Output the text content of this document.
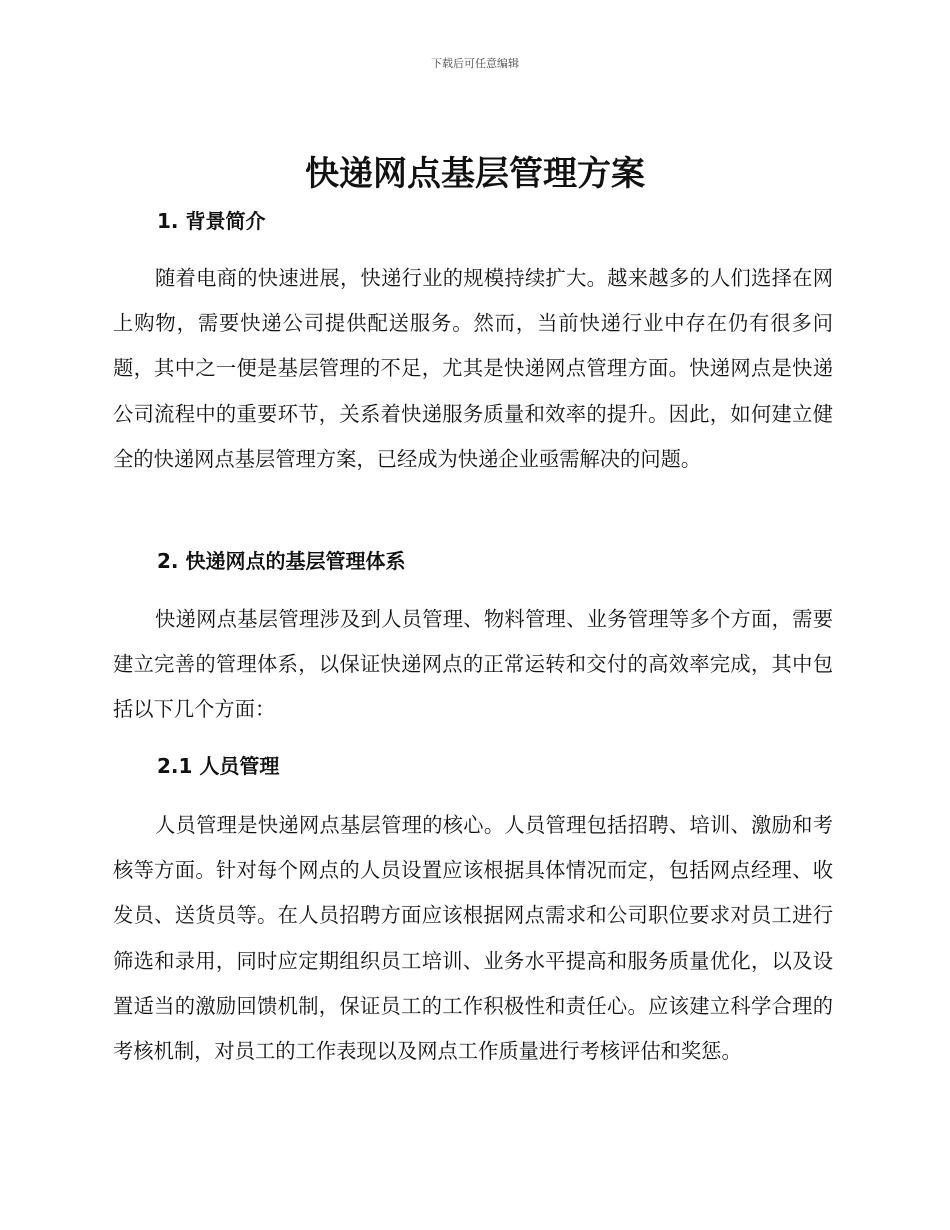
下载后可任意编辑

快递网点基层管理方案
1. 背景简介

随着电商的快速进展，快递行业的规模持续扩大。越来越多的人们选择在网上购物，需要快递公司提供配送服务。然而，当前快递行业中存在仍有很多问题，其中之一便是基层管理的不足，尤其是快递网点管理方面。快递网点是快递公司流程中的重要环节，关系着快递服务质量和效率的提升。因此，如何建立健全的快递网点基层管理方案，已经成为快递企业亟需解决的问题。

2. 快递网点的基层管理体系

快递网点基层管理涉及到人员管理、物料管理、业务管理等多个方面，需要建立完善的管理体系，以保证快递网点的正常运转和交付的高效率完成，其中包括以下几个方面：

2.1 人员管理

人员管理是快递网点基层管理的核心。人员管理包括招聘、培训、激励和考核等方面。针对每个网点的人员设置应该根据具体情况而定，包括网点经理、收发员、送货员等。在人员招聘方面应该根据网点需求和公司职位要求对员工进行筛选和录用，同时应定期组织员工培训、业务水平提高和服务质量优化，以及设置适当的激励回馈机制，保证员工的工作积极性和责任心。应该建立科学合理的考核机制，对员工的工作表现以及网点工作质量进行考核评估和奖惩。
